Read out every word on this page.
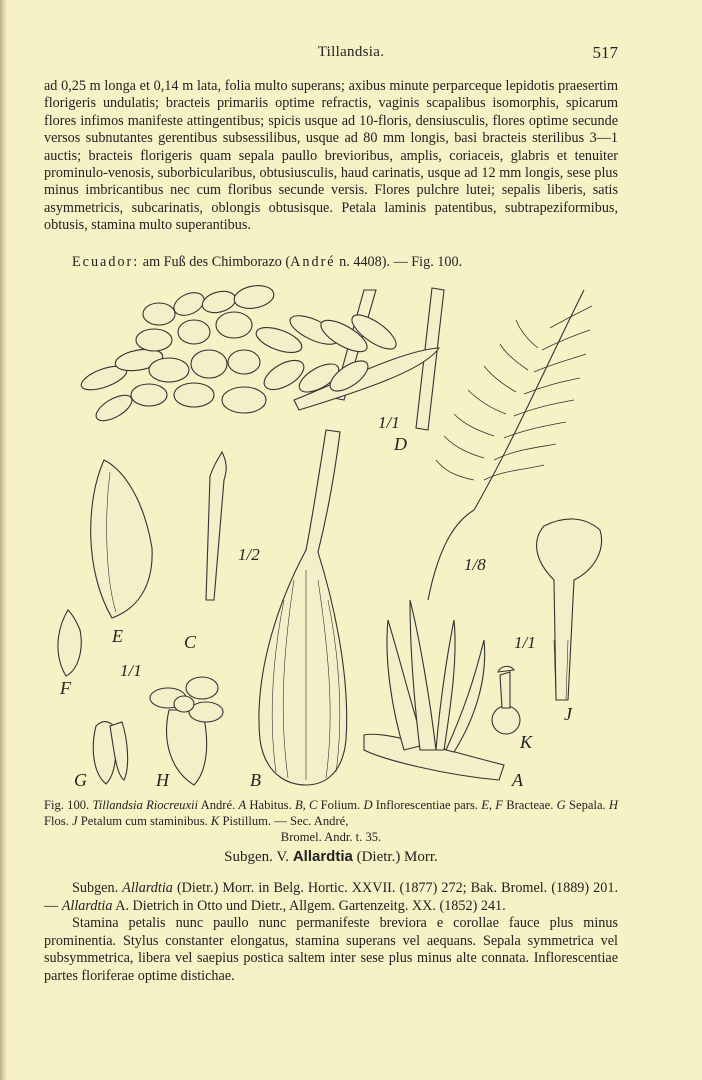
Tillandsia.	517

ad 0,25 m longa et 0,14 m lata, folia multo superans; axibus minute perparceque lepidotis praesertim florigeris undulatis; bracteis primariis optime refractis, vaginis scapalibus isomorphis, spicarum flores infimos manifeste attingentibus; spicis usque ad 10-floris, densiusculis, flores optime secunde versos subnutantes gerentibus subsessilibus, usque ad 80 mm longis, basi bracteis sterilibus 3—1 auctis; bracteis florigeris quam sepala paullo brevioribus, amplis, coriaceis, glabris et tenuiter prominulo-venosis, suborbicularibus, obtusiusculis, haud carinatis, usque ad 12 mm longis, sese plus minus imbricantibus nec cum floribus secunde versis. Flores pulchre lutei; sepalis liberis, satis asymmetricis, subcarinatis, oblongis obtusisque. Petala laminis patentibus, subtrapeziformibus, obtusis, stamina multo superantibus.

Ecuador: am Fuß des Chimborazo (André n. 4408). — Fig. 100.
D
C
E
F
G	H	B	A
K
J
1/1
1/2
1/8
1/1
1/1
Fig. 100. Tillandsia Riocreuxii André. A Habitus. B, C Folium. D Inflorescentiae pars. E, F Bracteae. G Sepala. H Flos. J Petalum cum staminibus. K Pistillum. — Sec. André,
Bromel. Andr. t. 35.
Subgen. V. Allardtia (Dietr.) Morr.

Subgen. Allardtia (Dietr.) Morr. in Belg. Hortic. XXVII. (1877) 272; Bak. Bromel. (1889) 201. — Allardtia A. Dietrich in Otto und Dietr., Allgem. Gartenzeitg. XX. (1852) 241.

Stamina petalis nunc paullo nunc permanifeste breviora e corollae fauce plus minus prominentia. Stylus constanter elongatus, stamina superans vel aequans. Sepala symmetrica vel subsymmetrica, libera vel saepius postica saltem inter sese plus minus alte connata. Inflorescentiae partes floriferae optime distichae.
